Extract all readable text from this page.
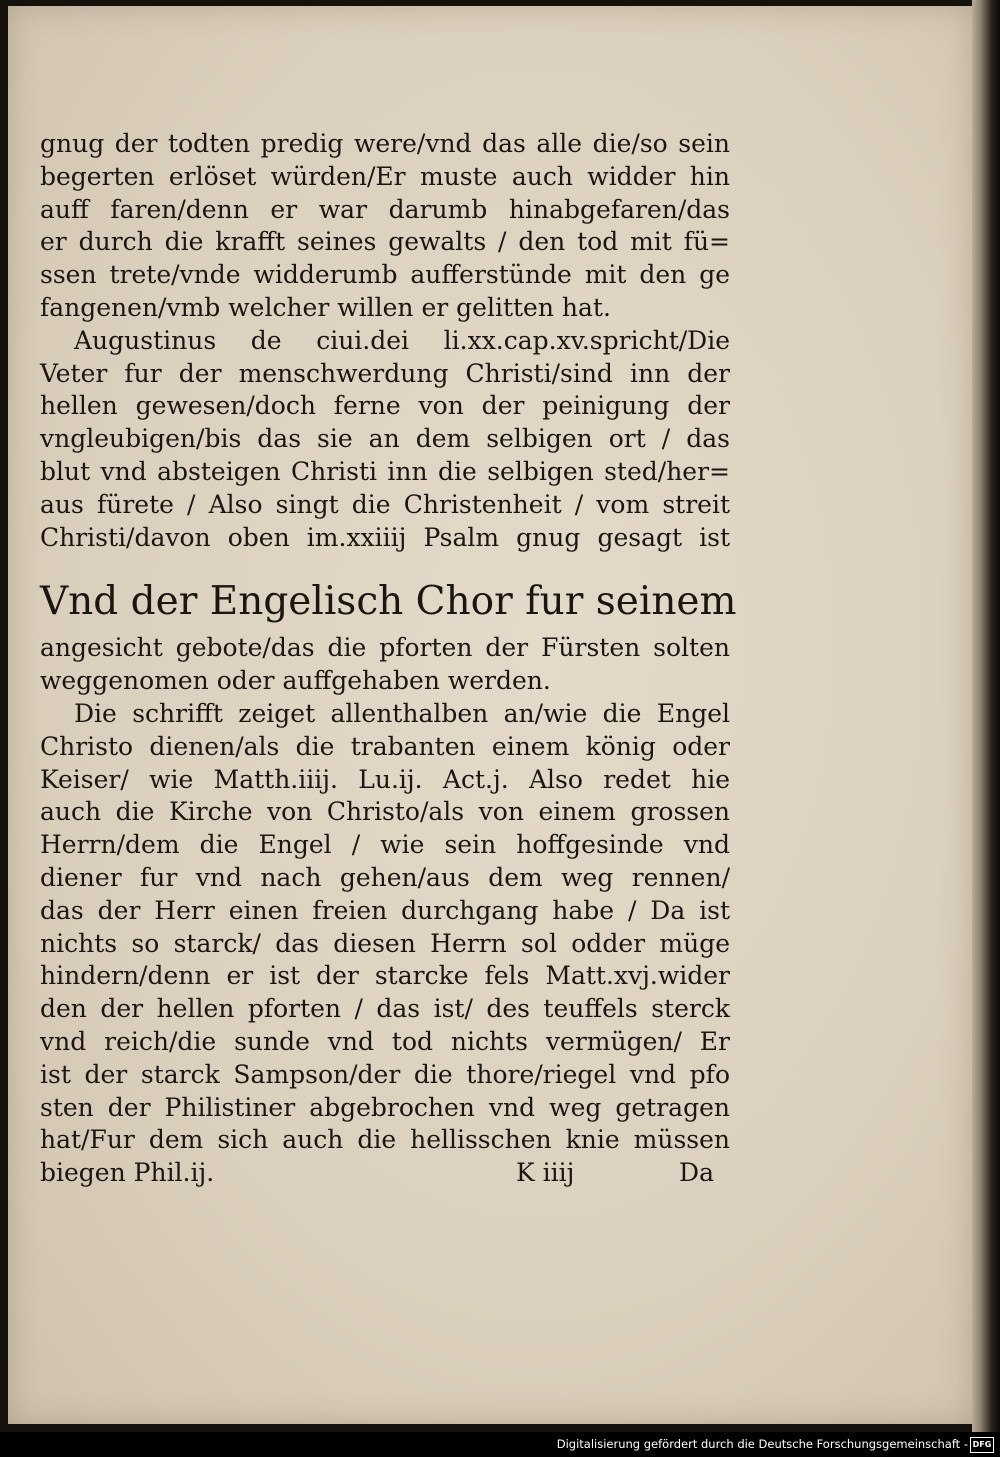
gnug der todten predig were/vnd das alle die/so sein
begerten erlöset würden/Er muste auch widder hin
auff faren/denn er war darumb hinabgefaren/das
er durch die krafft seines gewalts / den tod mit fü=
ssen trete/vnde widderumb aufferstünde mit den ge
fangenen/vmb welcher willen er gelitten hat.
Augustinus de ciui.dei li.xx.cap.xv.spricht/Die
Veter fur der menschwerdung Christi/sind inn der
hellen gewesen/doch ferne von der peinigung der
vngleubigen/bis das sie an dem selbigen ort / das
blut vnd absteigen Christi inn die selbigen sted/her=
aus fürete / Also singt die Christenheit / vom streit
Christi/davon oben im.xxiiij Psalm gnug gesagt ist
Vnd der Engelisch Chor fur seinem
angesicht gebote/das die pforten der Fürsten solten
weggenomen oder auffgehaben werden.
Die schrifft zeiget allenthalben an/wie die Engel
Christo dienen/als die trabanten einem könig oder
Keiser/ wie Matth.iiij. Lu.ij. Act.j. Also redet hie
auch die Kirche von Christo/als von einem grossen
Herrn/dem die Engel / wie sein hoffgesinde vnd
diener fur vnd nach gehen/aus dem weg rennen/
das der Herr einen freien durchgang habe / Da ist
nichts so starck/ das diesen Herrn sol odder müge
hindern/denn er ist der starcke fels Matt.xvj.wider
den der hellen pforten / das ist/ des teuffels sterck
vnd reich/die sunde vnd tod nichts vermügen/ Er
ist der starck Sampson/der die thore/riegel vnd pfo
sten der Philistiner abgebrochen vnd weg getragen
hat/Fur dem sich auch die hellisschen knie müssen
biegen Phil.ij.	K iiij	Da
Digitalisierung gefördert durch die Deutsche Forschungsgemeinschaft - DFG
